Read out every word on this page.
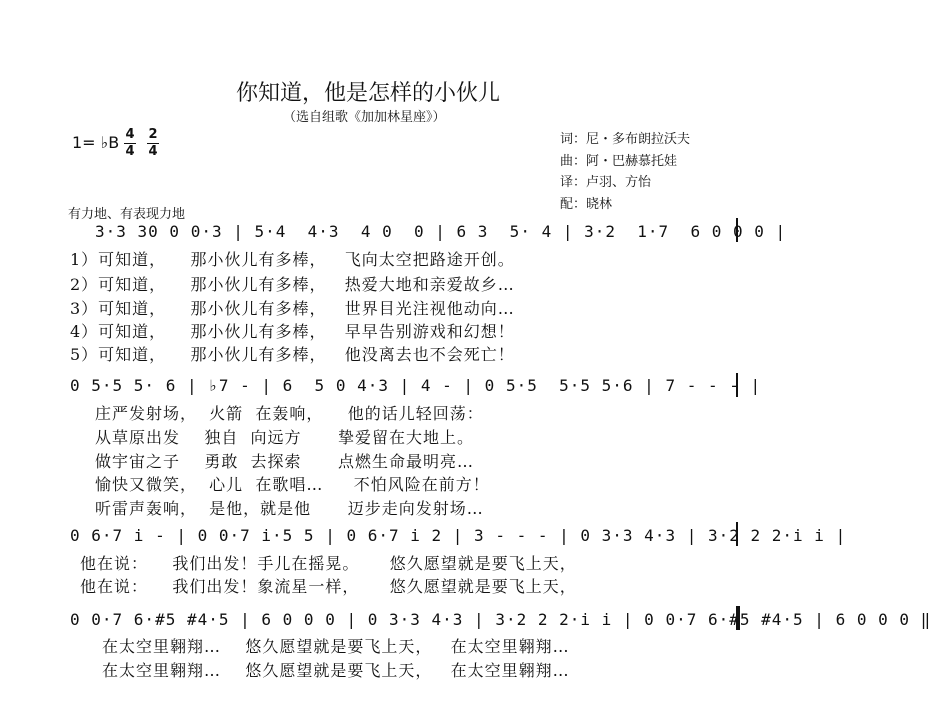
你知道，他是怎样的小伙儿
（选自组歌《加加林星座》）
1= ♭B 4
4
2
4
词：尼・多布朗拉沃夫
曲：阿・巴赫慕托娃
译：卢羽、方怡
配：晓林
有力地、有表现力地
3·3 30 0 0·3 | 5·4  4·3  4 0  0 | 6 3  5· 4 | 3·2  1·7  6 0 0 0 |
1）可知道，    那小伙儿有多棒，   飞向太空把路途开创。
2）可知道，    那小伙儿有多棒，   热爱大地和亲爱故乡…
3）可知道，    那小伙儿有多棒，   世界目光注视他动向…
4）可知道，    那小伙儿有多棒，   早早告别游戏和幻想！
5）可知道，    那小伙儿有多棒，   他没离去也不会死亡！
0 5·5 5· 6 | ♭7 - | 6  5 0 4·3 | 4 - | 0 5·5  5·5 5·6 | 7 - - - |
庄严发射场，  火箭  在轰响，    他的话儿轻回荡：
从草原出发    独自  向远方      挚爱留在大地上。
做宇宙之子    勇敢  去探索      点燃生命最明亮…
愉快又微笑，  心儿  在歌唱…     不怕风险在前方！
听雷声轰响，  是他，就是他      迈步走向发射场…
0 6·7 i - | 0 0·7 i·5 5 | 0 6·7 i 2 | 3 - - - | 0 3·3 4·3 | 3·2 2 2·i i |
他在说：    我们出发！手儿在摇晃。     悠久愿望就是要飞上天，
他在说：    我们出发！象流星一样，     悠久愿望就是要飞上天，
0 0·7 6·#5 #4·5 | 6 0 0 0 | 0 3·3 4·3 | 3·2 2 2·i i | 0 0·7 6·#5 #4·5 | 6 0 0 0 ‖
在太空里翱翔…    悠久愿望就是要飞上天，   在太空里翱翔…
在太空里翱翔…    悠久愿望就是要飞上天，   在太空里翱翔…
